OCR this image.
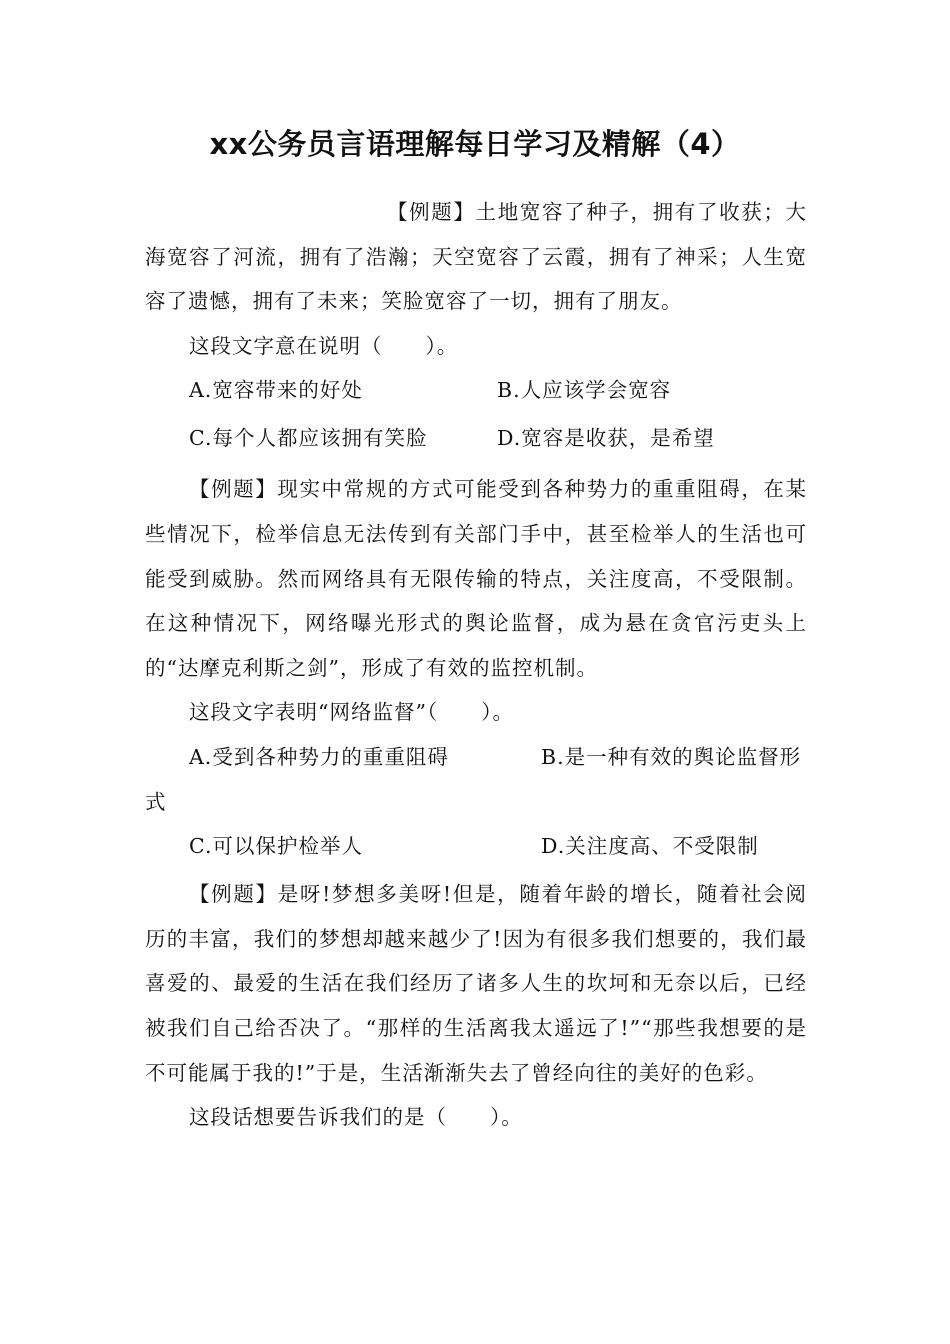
xx公务员言语理解每日学习及精解（4）

【例题】土地宽容了种子，拥有了收获；大海宽容了河流，拥有了浩瀚；天空宽容了云霞，拥有了神采；人生宽容了遗憾，拥有了未来；笑脸宽容了一切，拥有了朋友。

这段文字意在说明（　　）。

A.宽容带来的好处	B.人应该学会宽容
C.每个人都应该拥有笑脸	D.宽容是收获，是希望

【例题】现实中常规的方式可能受到各种势力的重重阻碍，在某些情况下，检举信息无法传到有关部门手中，甚至检举人的生活也可能受到威胁。然而网络具有无限传输的特点，关注度高，不受限制。在这种情况下，网络曝光形式的舆论监督，成为悬在贪官污吏头上的“达摩克利斯之剑”，形成了有效的监控机制。

这段文字表明“网络监督”（　　）。

A.受到各种势力的重重阻碍	B.是一种有效的舆论监督形

式

C.可以保护检举人	D.关注度高、不受限制

【例题】是呀!梦想多美呀!但是，随着年龄的增长，随着社会阅历的丰富，我们的梦想却越来越少了!因为有很多我们想要的，我们最喜爱的、最爱的生活在我们经历了诸多人生的坎坷和无奈以后，已经被我们自己给否决了。“那样的生活离我太遥远了!”“那些我想要的是不可能属于我的!”于是，生活渐渐失去了曾经向往的美好的色彩。

这段话想要告诉我们的是（　　）。
